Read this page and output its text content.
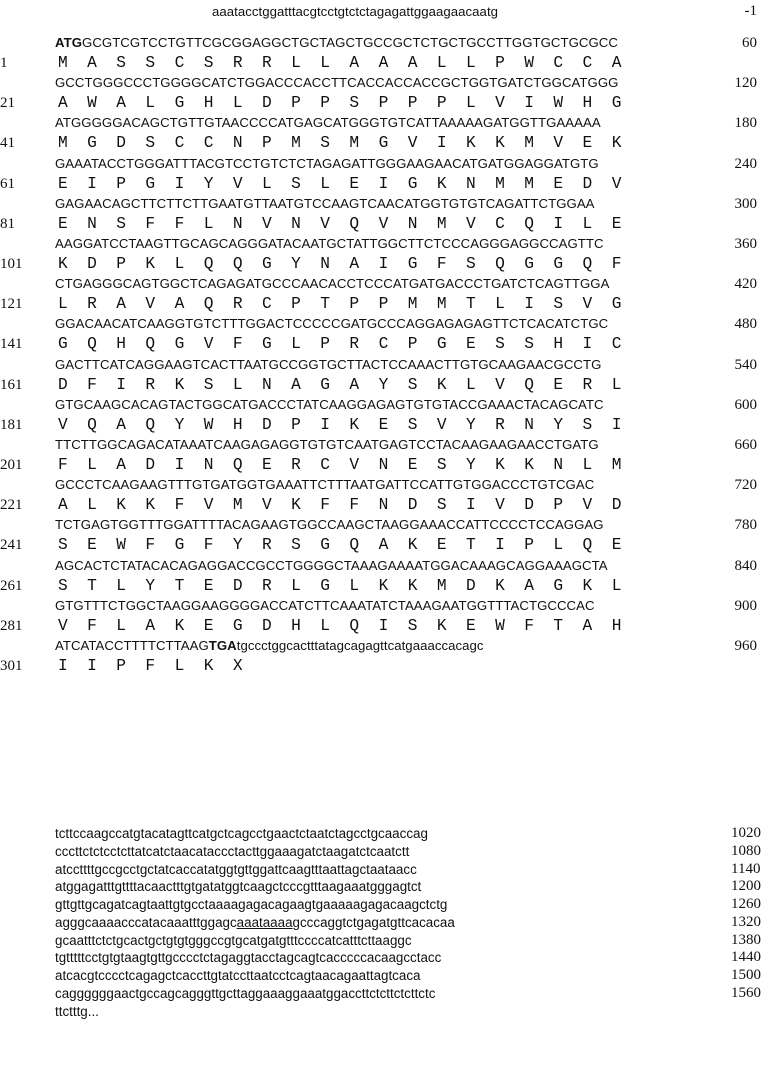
aaatacctggatttacgtcctgtctctagagattggaagaacaatg	-1
ATGGCGTCGTCCTGTTCGCGGAGGCTGCTAGCTGCCGCTCTGCTGCCTTGGTGCTGCGCC	60
1	M  A  S  S  C  S  R  R  L  L  A  A  A  L  L  P  W  C  C  A
GCCTGGGCCCTGGGGCATCTGGACCCACCTTCACCACCACCGCTGGTGATCTGGCATGGG	120
21	A  W  A  L  G  H  L  D  P  P  S  P  P  P  L  V  I  W  H  G
ATGGGGGACAGCTGTTGTAACCCCATGAGCATGGGTGTCATTAAAAAGATGGTTGAAAAA	180
41	M  G  D  S  C  C  N  P  M  S  M  G  V  I  K  K  M  V  E  K
GAAATACCTGGGATTTACGTCCTGTCTCTAGAGATTGGGAAGAACATGATGGAGGATGTG	240
61	E  I  P  G  I  Y  V  L  S  L  E  I  G  K  N  M  M  E  D  V
GAGAACAGCTTCTTCTTGAATGTTAATGTCCAAGTCAACATGGTGTGTCAGATTCTGGAA	300
81	E  N  S  F  F  L  N  V  N  V  Q  V  N  M  V  C  Q  I  L  E
AAGGATCCTAAGTTGCAGCAGGGATACAATGCTATTGGCTTCTCCCAGGGAGGCCAGTTC	360
101	K  D  P  K  L  Q  Q  G  Y  N  A  I  G  F  S  Q  G  G  Q  F
CTGAGGGCAGTGGCTCAGAGATGCCCAACACCTCCCATGATGACCCTGATCTCAGTTGGA	420
121	L  R  A  V  A  Q  R  C  P  T  P  P  M  M  T  L  I  S  V  G
GGACAACATCAAGGTGTCTTTGGACTCCCCCGATGCCCAGGAGAGAGTTCTCACATCTGC	480
141	G  Q  H  Q  G  V  F  G  L  P  R  C  P  G  E  S  S  H  I  C
GACTTCATCAGGAAGTCACTTAATGCCGGTGCTTACTCCAAACTTGTGCAAGAACGCCTG	540
161	D  F  I  R  K  S  L  N  A  G  A  Y  S  K  L  V  Q  E  R  L
GTGCAAGCACAGTACTGGCATGACCCTATCAAGGAGAGTGTGTACCGAAACTACAGCATC	600
181	V  Q  A  Q  Y  W  H  D  P  I  K  E  S  V  Y  R  N  Y  S  I
TTCTTGGCAGACATAAATCAAGAGAGGTGTGTCAATGAGTCCTACAAGAAGAACCTGATG	660
201	F  L  A  D  I  N  Q  E  R  C  V  N  E  S  Y  K  K  N  L  M
GCCCTCAAGAAGTTTGTGATGGTGAAATTCTTTAATGATTCCATTGTGGACCCTGTCGAC	720
221	A  L  K  K  F  V  M  V  K  F  F  N  D  S  I  V  D  P  V  D
TCTGAGTGGTTTGGATTTTACAGAAGTGGCCAAGCTAAGGAAACCATTCCCCTCCAGGAG	780
241	S  E  W  F  G  F  Y  R  S  G  Q  A  K  E  T  I  P  L  Q  E
AGCACTCTATACACAGAGGACCGCCTGGGGCTAAAGAAAATGGACAAAGCAGGAAAGCTA	840
261	S  T  L  Y  T  E  D  R  L  G  L  K  K  M  D  K  A  G  K  L
GTGTTTCTGGCTAAGGAAGGGGACCATCTTCAAATATCTAAAGAATGGTTTACTGCCCAC	900
281	V  F  L  A  K  E  G  D  H  L  Q  I  S  K  E  W  F  T  A  H
ATCATACCTTTTCTTAAGTGAtgccctggcactttatagcagagttcatgaaaccacagc	960
301	I  I  P  F  L  K  X
tcttccaagccatgtacatagttcatgctcagcctgaactctaatctagcctgcaaccag	1020
cccttctctcctcttatcatctaacataccctacttggaaagatctaagatctcaatctt	1080
atccttttgccgcctgctatcaccatatggtgttggattcaagtttaattagctaataacc	1140
atggagatttgttttacaactttgtgatatggtcaagctcccgtttaagaaatgggagtct	1200
gttgttgcagatcagtaattgtgcctaaaagagacagaagtgaaaaagagacaagctctg	1260
agggcaaaacccatacaaatttggagcaaataaaagcccaggtctgagatgttcacacaa	1320
gcaatttctctgcactgctgtgtgggccgtgcatgatgtttccccatcatttcttaaggc	1380
tgtttttcctgtgtaagtgttgcccctctagaggtacctagcagtcacccccacaagcctacc	1440
atcacgtcccctcagagctcaccttgtatccttaatcctcagtaacagaattagtcaca	1500
caggggggaactgccagcagggttgcttaggaaaggaaatggaccttctcttctcttctc	1560
ttctttg...
